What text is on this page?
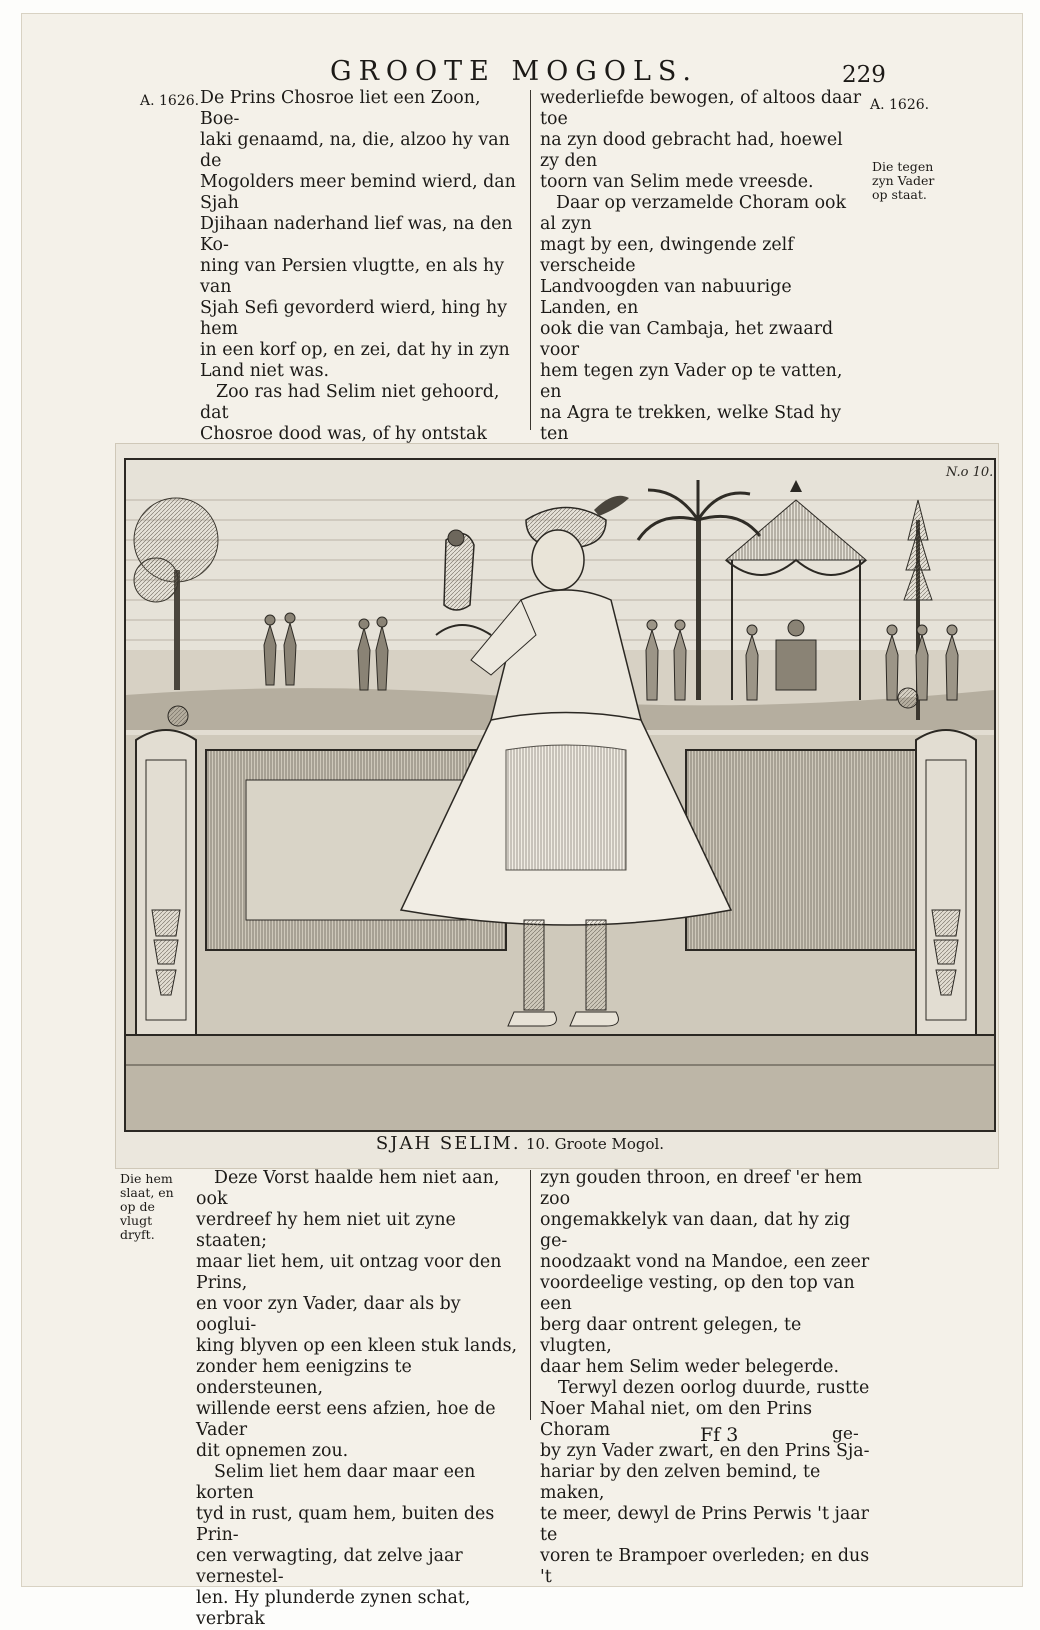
GROOTE MOGOLS.	229
A. 1626.	A. 1626.

De Prins Chosroe liet een Zoon, Boe-

laki genaamd, na, die, alzoo hy van de

Mogolders meer bemind wierd, dan Sjah

Djihaan naderhand lief was, na den Ko-

ning van Persien vlugtte, en als hy van

Sjah Sefi gevorderd wierd, hing hy hem

in een korf op, en zei, dat hy in zyn

Land niet was.

Zoo ras had Selim niet gehoord, dat

Chosroe dood was, of hy ontstak

wederliefde bewogen, of altoos daar toe

na zyn dood gebracht had, hoewel zy den

toorn van Selim mede vreesde.

Daar op verzamelde Choram ook al zyn

magt by een, dwingende zelf verscheide

Landvoogden van nabuurige Landen, en

ook die van Cambaja, het zwaard voor

hem tegen zyn Vader op te vatten, en

na Agra te trekken, welke Stad hy ten

Die tegen
zyn Vader
op staat.
N.o 10.
SJAH SELIM. 10. Groote Mogol.
Die hem
slaat, en
op de
vlugt
dryft.

Deze Vorst haalde hem niet aan, ook

verdreef hy hem niet uit zyne staaten;

maar liet hem, uit ontzag voor den Prins,

en voor zyn Vader, daar als by ooglui-

king blyven op een kleen stuk lands,

zonder hem eenigzins te ondersteunen,

willende eerst eens afzien, hoe de Vader

dit opnemen zou.

Selim liet hem daar maar een korten

tyd in rust, quam hem, buiten des Prin-

cen verwagting, dat zelve jaar vernestel-

len. Hy plunderde zynen schat, verbrak

zyn gouden throon, en dreef 'er hem zoo

ongemakkelyk van daan, dat hy zig ge-

noodzaakt vond na Mandoe, een zeer

voordeelige vesting, op den top van een

berg daar ontrent gelegen, te vlugten,

daar hem Selim weder belegerde.

Terwyl dezen oorlog duurde, rustte

Noer Mahal niet, om den Prins Choram

by zyn Vader zwart, en den Prins Sja-

hariar by den zelven bemind, te maken,

te meer, dewyl de Prins Perwis 't jaar te

voren te Brampoer overleden; en dus 't

Ff 3	ge-
